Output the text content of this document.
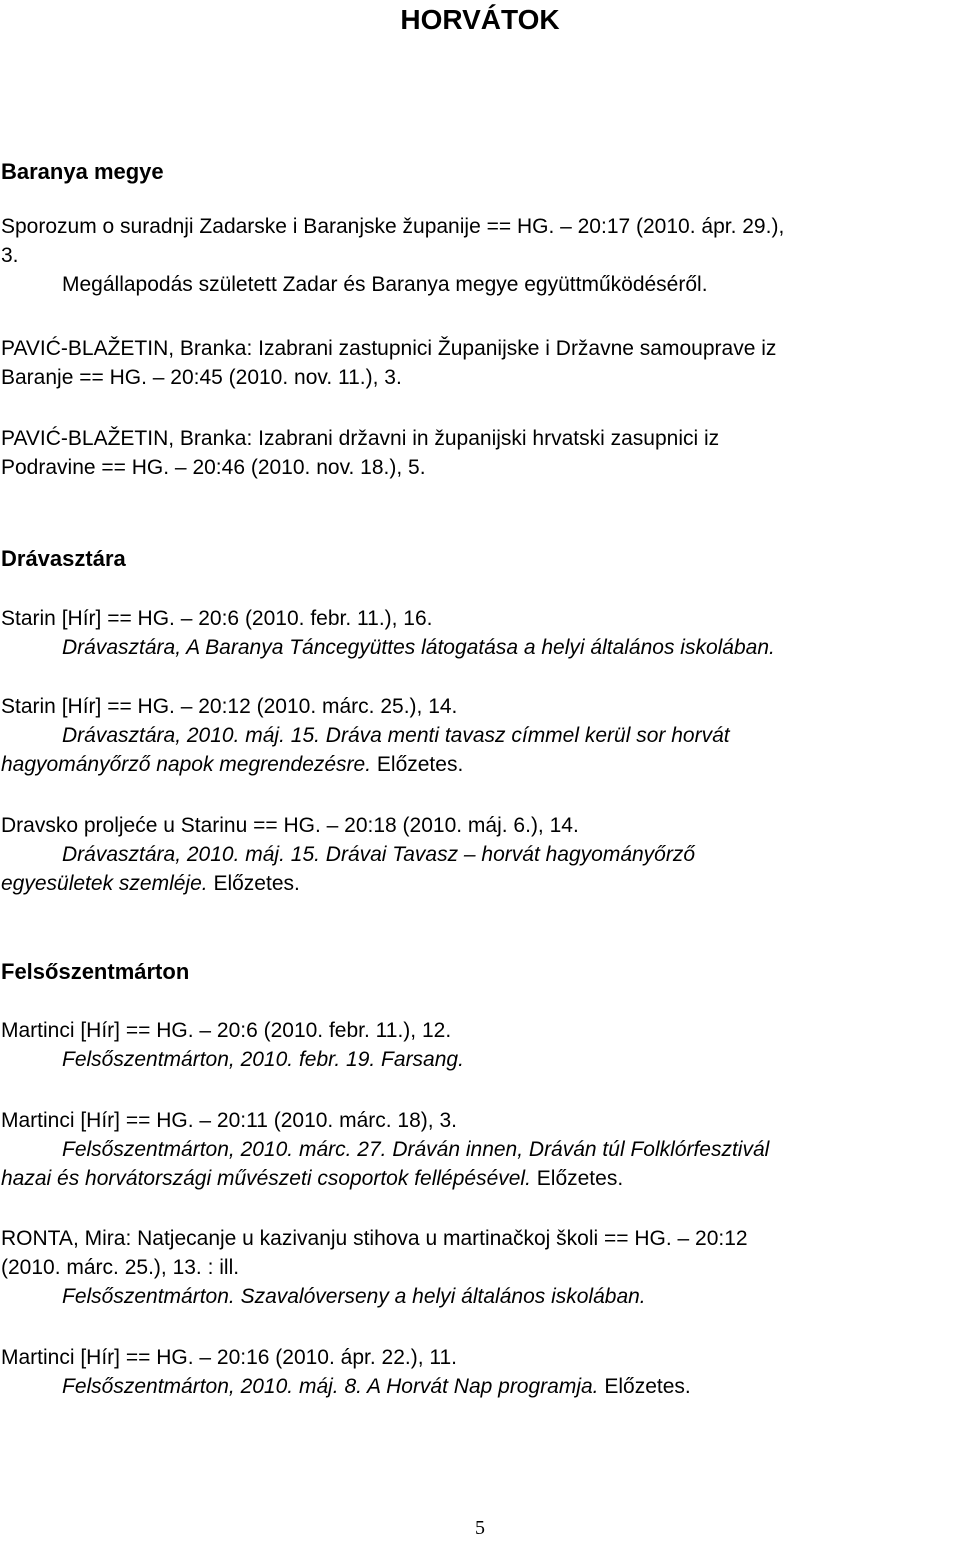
HORVÁTOK
Baranya megye
Sporozum o suradnji Zadarske i Baranjske županije == HG. ‒ 20:17 (2010. ápr. 29.),
3.
Megállapodás született Zadar és Baranya megye együttműködéséről.
PAVIĆ-BLAŽETIN, Branka: Izabrani zastupnici Županijske i Državne samouprave iz
Baranje == HG. ‒ 20:45 (2010. nov. 11.), 3.
PAVIĆ-BLAŽETIN, Branka: Izabrani državni in županijski hrvatski zasupnici iz
Podravine == HG. ‒ 20:46 (2010. nov. 18.), 5.
Drávasztára
Starin [Hír] == HG. ‒ 20:6 (2010. febr. 11.), 16.
Drávasztára, A Baranya Táncegyüttes látogatása a helyi általános iskolában.
Starin [Hír] == HG. ‒ 20:12 (2010. márc. 25.), 14.
Drávasztára, 2010. máj. 15. Dráva menti tavasz címmel kerül sor horvát
hagyományőrző napok megrendezésre. Előzetes.
Dravsko proljeće u Starinu == HG. ‒ 20:18 (2010. máj. 6.), 14.
Drávasztára, 2010. máj. 15. Drávai Tavasz ‒ horvát hagyományőrző
egyesületek szemléje. Előzetes.
Felsőszentmárton
Martinci [Hír] == HG. ‒ 20:6 (2010. febr. 11.), 12.
Felsőszentmárton, 2010. febr. 19. Farsang.
Martinci [Hír] == HG. ‒ 20:11 (2010. márc. 18), 3.
Felsőszentmárton, 2010. márc. 27. Dráván innen, Dráván túl Folklórfesztivál
hazai és horvátországi művészeti csoportok fellépésével. Előzetes.
RONTA, Mira: Natjecanje u kazivanju stihova u martinačkoj školi == HG. ‒ 20:12
(2010. márc. 25.), 13. : ill.
Felsőszentmárton. Szavalóverseny a helyi általános iskolában.
Martinci [Hír] == HG. ‒ 20:16 (2010. ápr. 22.), 11.
Felsőszentmárton, 2010. máj. 8. A Horvát Nap programja. Előzetes.
5
